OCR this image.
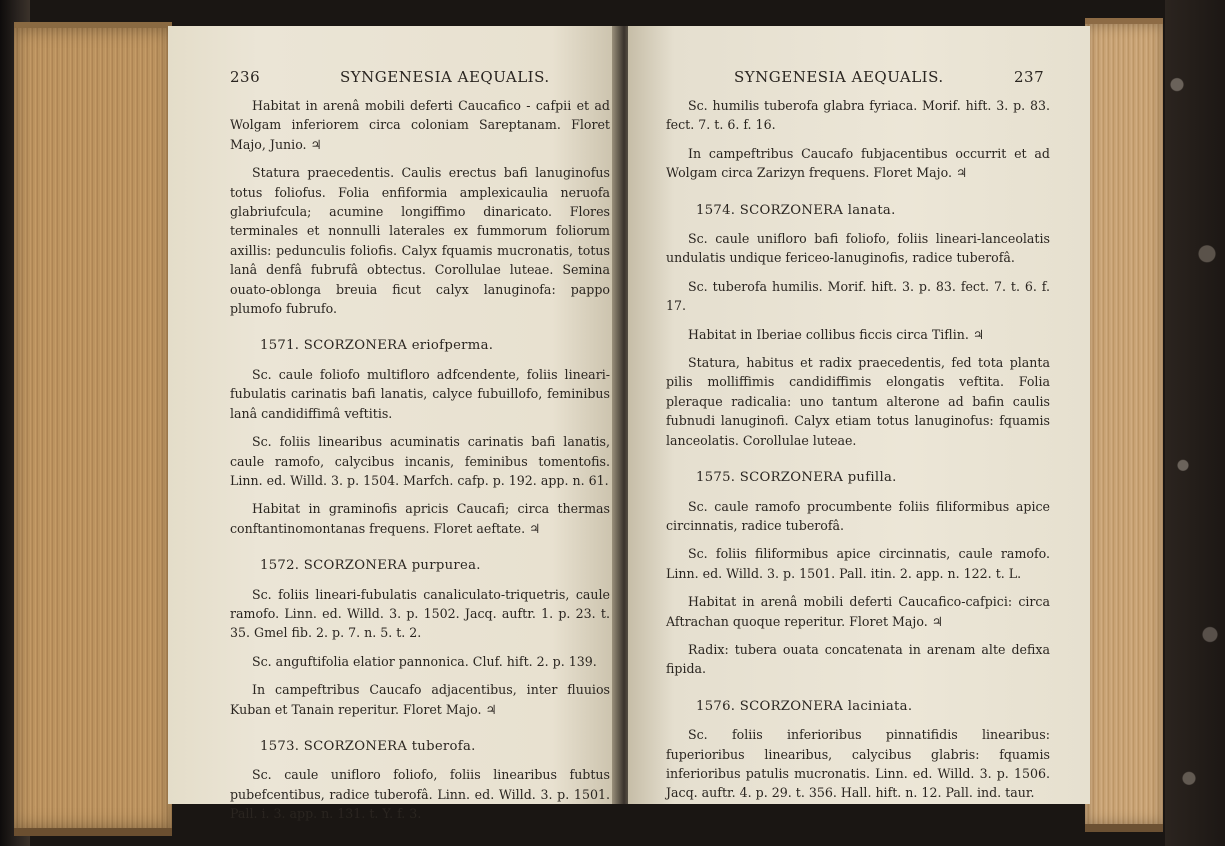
236	SYNGENESIA AEQUALIS.

Habitat in arenâ mobili deferti Caucafico - cafpii et ad Wolgam inferiorem circa coloniam Sareptanam. Floret Majo, Junio. ♃

Statura praecedentis. Caulis erectus bafi lanuginofus totus foliofus. Folia enfiformia amplexicaulia neruofa glabriufcula; acumine longiffimo dinaricato. Flores terminales et nonnulli laterales ex fummorum foliorum axillis: pedunculis foliofis. Calyx fquamis mucronatis, totus lanâ denfâ fubrufâ obtectus. Corollulae luteae. Semina ouato-oblonga breuia ficut calyx lanuginofa: pappo plumofo fubrufo.

1571. SCORZONERA eriofperma.

Sc. caule foliofo multifloro adfcendente, foliis lineari-fubulatis carinatis bafi lanatis, calyce fubuillofo, feminibus lanâ candidiffimâ veftitis.

Sc. foliis linearibus acuminatis carinatis bafi lanatis, caule ramofo, calycibus incanis, feminibus tomentofis. Linn. ed. Willd. 3. p. 1504. Marfch. cafp. p. 192. app. n. 61.

Habitat in graminofis apricis Caucafi; circa thermas conftantinomontanas frequens. Floret aeftate. ♃

1572. SCORZONERA purpurea.

Sc. foliis lineari-fubulatis canaliculato-triquetris, caule ramofo. Linn. ed. Willd. 3. p. 1502. Jacq. auftr. 1. p. 23. t. 35. Gmel fib. 2. p. 7. n. 5. t. 2.

Sc. anguftifolia elatior pannonica. Cluf. hift. 2. p. 139.

In campeftribus Caucafo adjacentibus, inter fluuios Kuban et Tanain reperitur. Floret Majo. ♃

1573. SCORZONERA tuberofa.

Sc. caule unifloro foliofo, foliis linearibus fubtus pubefcentibus, radice tuberofâ. Linn. ed. Willd. 3. p. 1501. Pall. i. 3. app. n. 131. t. Y. f. 3.

SYNGENESIA AEQUALIS.	237

Sc. humilis tuberofa glabra fyriaca. Morif. hift. 3. p. 83. fect. 7. t. 6. f. 16.

In campeftribus Caucafo fubjacentibus occurrit et ad Wolgam circa Zarizyn frequens. Floret Majo. ♃

1574. SCORZONERA lanata.

Sc. caule unifloro bafi foliofo, foliis lineari-lanceolatis undulatis undique fericeo-lanuginofis, radice tuberofâ.

Sc. tuberofa humilis. Morif. hift. 3. p. 83. fect. 7. t. 6. f. 17.

Habitat in Iberiae collibus ficcis circa Tiflin. ♃

Statura, habitus et radix praecedentis, fed tota planta pilis molliffimis candidiffimis elongatis veftita. Folia pleraque radicalia: uno tantum alterone ad bafin caulis fubnudi lanuginofi. Calyx etiam totus lanuginofus: fquamis lanceolatis. Corollulae luteae.

1575. SCORZONERA pufilla.

Sc. caule ramofo procumbente foliis filiformibus apice circinnatis, radice tuberofâ.

Sc. foliis filiformibus apice circinnatis, caule ramofo. Linn. ed. Willd. 3. p. 1501. Pall. itin. 2. app. n. 122. t. L.

Habitat in arenâ mobili deferti Caucafico-cafpici: circa Aftrachan quoque reperitur. Floret Majo. ♃

Radix: tubera ouata concatenata in arenam alte defixa fipida.

1576. SCORZONERA laciniata.

Sc. foliis inferioribus pinnatifidis linearibus: fuperioribus linearibus, calycibus glabris: fquamis inferioribus patulis mucronatis. Linn. ed. Willd. 3. p. 1506. Jacq. auftr. 4. p. 29. t. 356. Hall. hift. n. 12. Pall. ind. taur.
